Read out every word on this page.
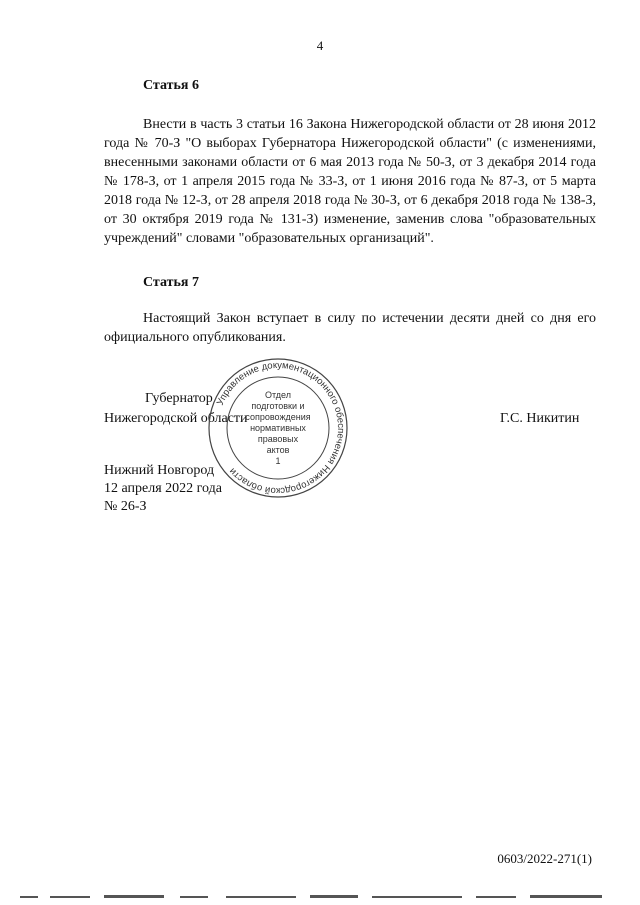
4
Статья 6

Внести в часть 3 статьи 16 Закона Нижегородской области от 28 июня 2012 года № 70-З "О выборах Губернатора Нижегородской области" (с изменениями, внесенными законами области от 6 мая 2013 года № 50-З, от 3 декабря 2014 года № 178-З, от 1 апреля 2015 года № 33-З, от 1 июня 2016 года № 87-З, от 5 марта 2018 года № 12-З, от 28 апреля 2018 года № 30-З, от 6 декабря 2018 года № 138-З, от 30 октября 2019 года № 131-З) изменение, заменив слова "образовательных учреждений" словами "образовательных организаций".

Статья 7

Настоящий Закон вступает в силу по истечении десяти дней со дня его официального опубликования.

Губернатор
Нижегородской области	Г.С. Никитин
Управление документационного обеспечения Нижегородской области
Отдел
подготовки и
сопровождения
нормативных
правовых
актов
1
Нижний Новгород
12 апреля 2022 года
№ 26-З
0603/2022-271(1)
